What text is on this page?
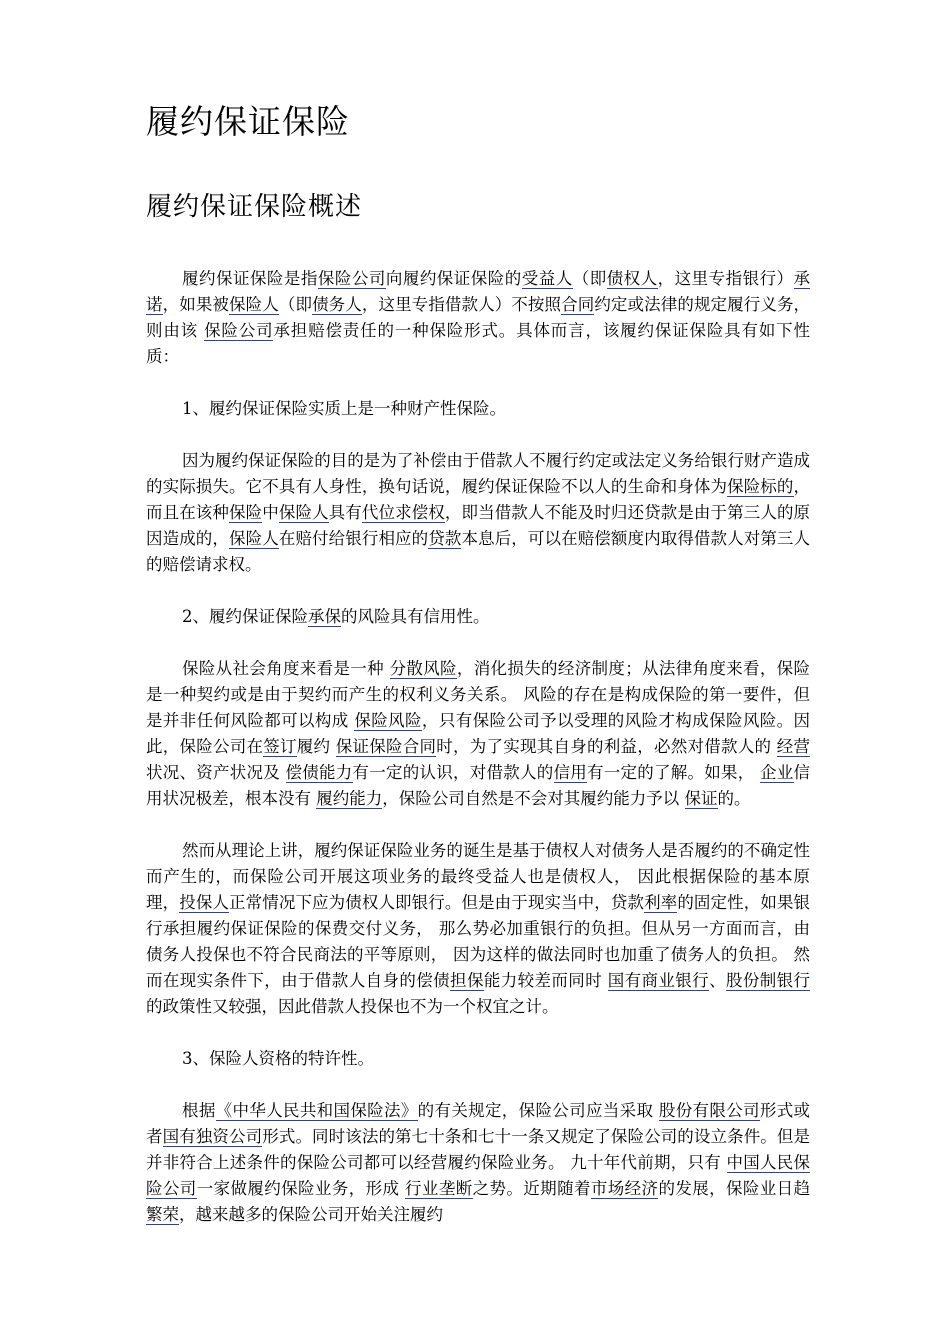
履约保证保险
履约保证保险概述

履约保证保险是指保险公司向履约保证保险的受益人（即债权人，这里专指银行）承诺，如果被保险人（即债务人，这里专指借款人）不按照合同约定或法律的规定履行义务，则由该 保险公司承担赔偿责任的一种保险形式。具体而言，该履约保证保险具有如下性质：

1、履约保证保险实质上是一种财产性保险。

因为履约保证保险的目的是为了补偿由于借款人不履行约定或法定义务给银行财产造成的实际损失。它不具有人身性，换句话说，履约保证保险不以人的生命和身体为保险标的，而且在该种保险中保险人具有代位求偿权，即当借款人不能及时归还贷款是由于第三人的原因造成的，保险人在赔付给银行相应的贷款本息后，可以在赔偿额度内取得借款人对第三人的赔偿请求权。

2、履约保证保险承保的风险具有信用性。

保险从社会角度来看是一种 分散风险，消化损失的经济制度；从法律角度来看，保险是一种契约或是由于契约而产生的权利义务关系。 风险的存在是构成保险的第一要件，但是并非任何风险都可以构成 保险风险，只有保险公司予以受理的风险才构成保险风险。因此，保险公司在签订履约 保证保险合同时，为了实现其自身的利益，必然对借款人的 经营状况、资产状况及 偿债能力有一定的认识，对借款人的信用有一定的了解。如果， 企业信用状况极差，根本没有 履约能力，保险公司自然是不会对其履约能力予以 保证的。

然而从理论上讲，履约保证保险业务的诞生是基于债权人对债务人是否履约的不确定性而产生的，而保险公司开展这项业务的最终受益人也是债权人， 因此根据保险的基本原理，投保人正常情况下应为债权人即银行。但是由于现实当中，贷款利率的固定性，如果银行承担履约保证保险的保费交付义务， 那么势必加重银行的负担。但从另一方面而言，由债务人投保也不符合民商法的平等原则， 因为这样的做法同时也加重了债务人的负担。 然而在现实条件下，由于借款人自身的偿债担保能力较差而同时 国有商业银行、股份制银行的政策性又较强，因此借款人投保也不为一个权宜之计。

3、保险人资格的特许性。

根据《中华人民共和国保险法》的有关规定，保险公司应当采取 股份有限公司形式或者国有独资公司形式。同时该法的第七十条和七十一条又规定了保险公司的设立条件。但是并非符合上述条件的保险公司都可以经营履约保险业务。 九十年代前期，只有 中国人民保险公司一家做履约保险业务，形成 行业垄断之势。近期随着市场经济的发展，保险业日趋繁荣，越来越多的保险公司开始关注履约
